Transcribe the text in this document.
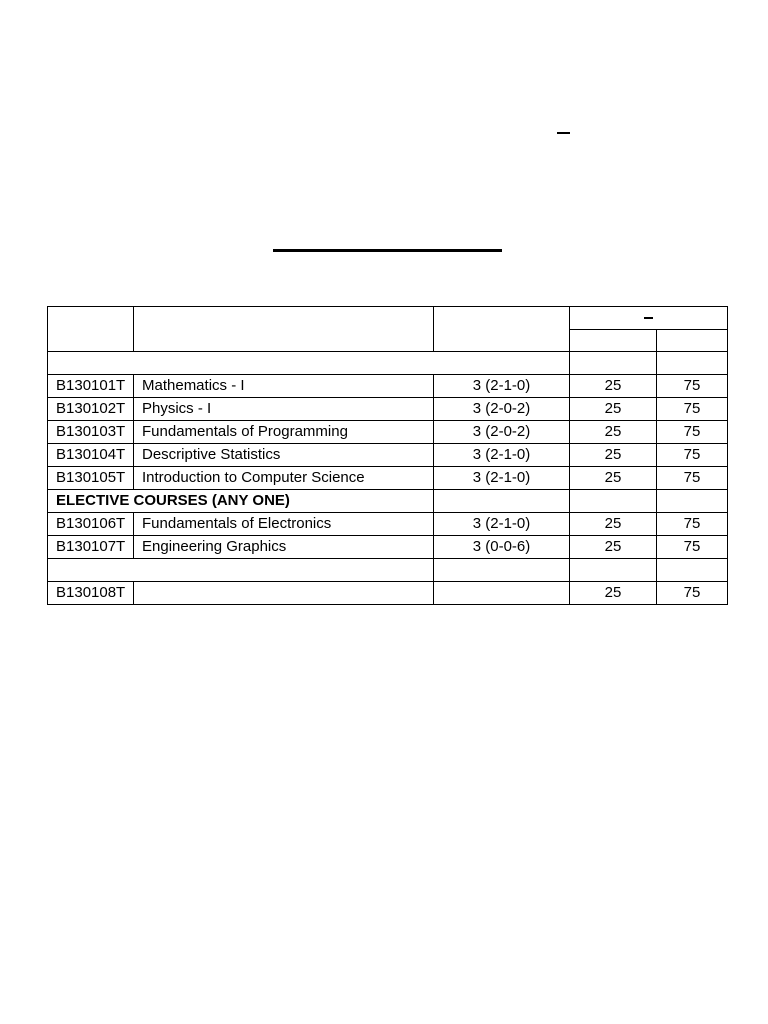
B130101T	Mathematics - I	3 (2-1-0)	25	75
B130102T	Physics - I	3 (2-0-2)	25	75
B130103T	Fundamentals of Programming	3 (2-0-2)	25	75
B130104T	Descriptive Statistics	3 (2-1-0)	25	75
B130105T	Introduction to Computer Science	3 (2-1-0)	25	75
ELECTIVE COURSES (ANY ONE)				
B130106T	Fundamentals of Electronics	3 (2-1-0)	25	75
B130107T	Engineering Graphics	3 (0-0-6)	25	75

B130108T			25	75
